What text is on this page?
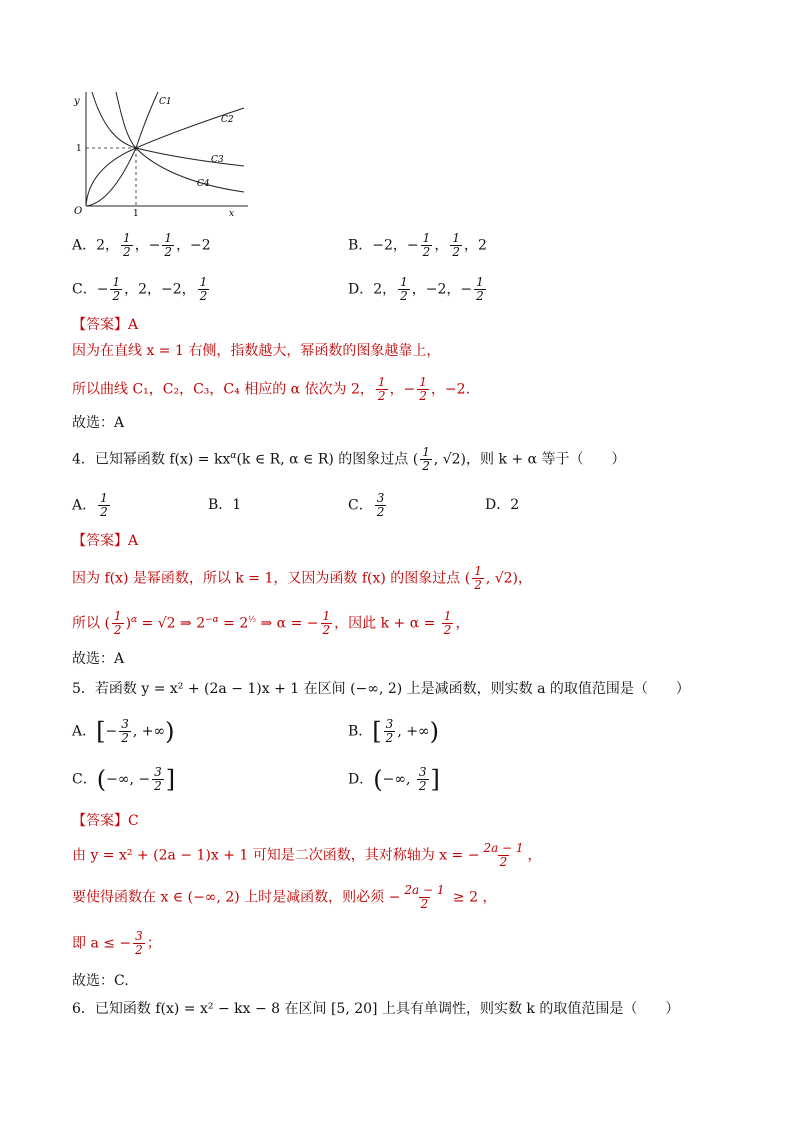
y
x
O	1
1
C1
C2
C3
C4
A．2， $\frac{1}{2}$ ，− $\frac{1}{2}$ ，−2	B．−2，− $\frac{1}{2}$ ， $\frac{1}{2}$ ，2
C．− $\frac{1}{2}$ ，2，−2， $\frac{1}{2}$	D．2， $\frac{1}{2}$ ，−2，− $\frac{1}{2}$
【答案】A
因为在直线 x = 1 右侧，指数越大，幂函数的图象越靠上，
所以曲线 C₁，C₂，C₃，C₄ 相应的 α 依次为 2， $\frac{1}{2}$ ，− $\frac{1}{2}$ ，−2.
故选：A
4．已知幂函数 $f(x) = kx^\alpha(k$ ∈ R, α ∈ R) 的图象过点 ( $\frac{1}{2}$ , √2)，则 k + α 等于（　　）
A． $\frac{1}{2}$	B．1	C． $\frac{3}{2}$	D．2
【答案】A
因为 f(x) 是幂函数，所以 k = 1，又因为函数 f(x) 的图象过点 ( $\frac{1}{2}$ , √2)，
所以 ( $\frac{1}{2} )^\alpha = √2$ ⇒ $2^{-\alpha} = 2^{\frac{1}{2}}$ ⇒ α = − $\frac{1}{2}$ ，因此 $k + \alpha = \frac{1}{2}$ ，
故选：A
5．若函数 y = x² + (2a − 1)x + 1 在区间 (−∞, 2) 上是减函数，则实数 a 的取值范围是（　　）
A．[− $\frac{3}{2}$ , +∞)	B．[ $\frac{3}{2}$ , +∞)
C．(−∞, − $\frac{3}{2}$ ]	D．(−∞, $\frac{3}{2}$ ]
【答案】C
由 y = x² + (2a − 1)x + 1 可知是二次函数，其对称轴为 x = − $\frac{2a - 1}{2}$ ，
要使得函数在 x ∈ (−∞, 2) 上时是减函数，则必须 − $\frac{2a - 1}{2} \ge 2$ ，
即 a ≤ − $\frac{3}{2}$ ；
故选：C.
6．已知函数 f(x) = x² − kx − 8 在区间 [5, 20] 上具有单调性，则实数 k 的取值范围是（　　）
